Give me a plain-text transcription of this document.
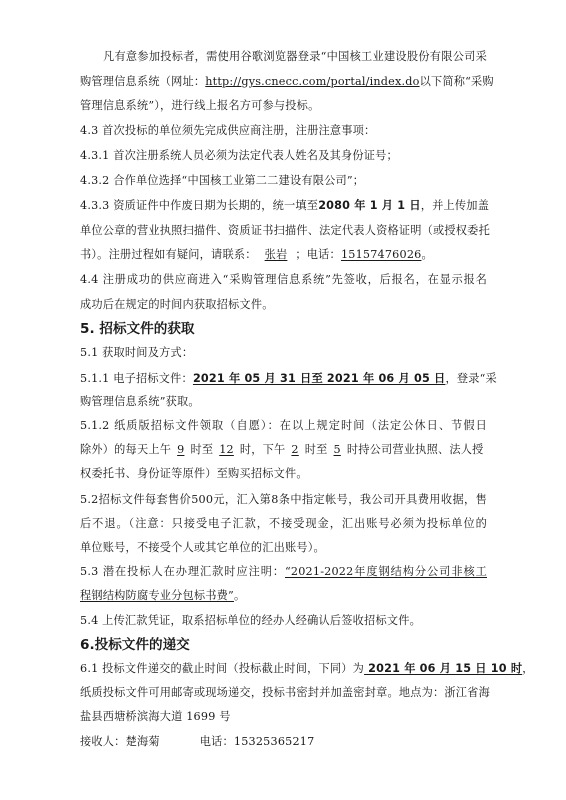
凡有意参加投标者，需使用谷歌浏览器登录“中国核工业建设股份有限公司采
购管理信息系统（网址：http://gys.cnecc.com/portal/index.do以下简称“采购
管理信息系统”），进行线上报名方可参与投标。
4.3 首次投标的单位须先完成供应商注册，注册注意事项：
4.3.1 首次注册系统人员必须为法定代表人姓名及其身份证号；
4.3.2 合作单位选择“中国核工业第二二建设有限公司”；
4.3.3 资质证件中作废日期为长期的，统一填至2080 年 1 月 1 日，并上传加盖
单位公章的营业执照扫描件、资质证书扫描件、法定代表人资格证明（或授权委托
书）。注册过程如有疑问，请联系： 张岩 ；电话：15157476026。
4.4 注册成功的供应商进入“采购管理信息系统”先签收，后报名，在显示报名
成功后在规定的时间内获取招标文件。
5. 招标文件的获取
5.1 获取时间及方式：
5.1.1 电子招标文件：2021 年 05 月 31 日至 2021 年 06 月 05 日，登录“采
购管理信息系统”获取。
5.1.2 纸质版招标文件领取（自愿）：在以上规定时间（法定公休日、节假日
除外）的每天上午 9 时至 12 时，下午 2 时至 5 时持公司营业执照、法人授
权委托书、身份证等原件）至购买招标文件。
5.2招标文件每套售价500元，汇入第8条中指定帐号，我公司开具费用收据，售
后不退。（注意：只接受电子汇款，不接受现金，汇出账号必须为投标单位的
单位账号，不接受个人或其它单位的汇出账号）。
5.3 潜在投标人在办理汇款时应注明：“2021-2022年度钢结构分公司非核工
程钢结构防腐专业分包标书费”。
5.4 上传汇款凭证，取系招标单位的经办人经确认后签收招标文件。
6.投标文件的递交
6.1 投标文件递交的截止时间（投标截止时间，下同）为 2021 年 06 月 15 日 10 时，
纸质投标文件可用邮寄或现场递交，投标书密封并加盖密封章。地点为：浙江省海
盐县西塘桥滨海大道 1699 号
接收人：楚海菊	电话：15325365217
